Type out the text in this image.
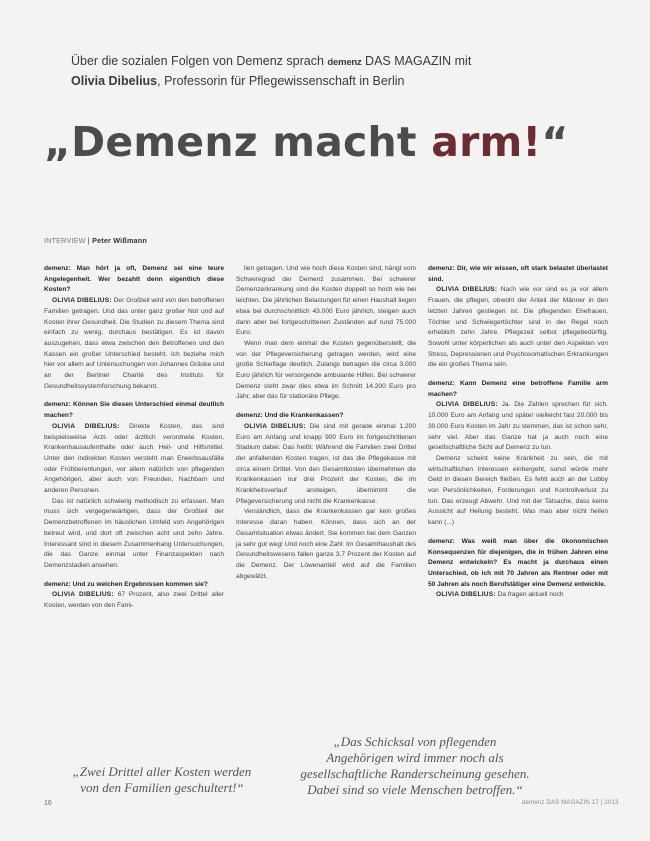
Über die sozialen Folgen von Demenz sprach demenz DAS MAGAZIN mit
Olivia Dibelius, Professorin für Pflegewissenschaft in Berlin
„Demenz macht arm!“
INTERVIEW | Peter Wißmann

demenz: Man hört ja oft, Demenz sei eine teure Angelegenheit. Wer bezahlt denn eigentlich diese Kosten?

OLIVIA DIBELIUS: Der Großteil wird von den betroffenen Familien getragen. Und das unter ganz großer Not und auf Kosten ihrer Gesundheit. Die Studien zu diesem Thema sind einfach zu wenig, durchaus bestätigen. Es ist davon auszugehen, dass etwa zwischen den Betroffenen und den Kassen ein großer Unterschied besteht. Ich beziehe mich hier vor allem auf Untersuchungen von Johannes Gräske und an der Berliner Charité des Instituts für Gesundheitssystemforschung bekannt.

demenz: Können Sie diesen Unterschied einmal deutlich machen?

OLIVIA DIBELIUS: Direkte Kosten, das sind beispielsweise Arzt- oder ärztlich verordnete Kosten, Krankenhausaufenthalte oder auch Heil- und Hilfsmittel. Unter den indirekten Kosten versteht man Erwerbsausfälle oder Frühberentungen, vor allem natürlich von pflegenden Angehörigen, aber auch von Freunden, Nachbarn und anderen Personen.

Das ist natürlich schwierig methodisch zu erfassen. Man muss sich vergegenwärtigen, dass der Großteil der Demenzbetroffenen im häuslichen Umfeld von Angehörigen betreut wird, und dort oft zwischen acht und zehn Jahre. Interessant sind in diesem Zusammenhang Untersuchungen, die das Ganze einmal unter Finanzaspekten nach Demenzstadien ansehen.

demenz: Und zu welchen Ergebnissen kommen sie?

OLIVIA DIBELIUS: 67 Prozent, also zwei Drittel aller Kosten, werden von den Fami-

lien getragen. Und wie hoch diese Kosten sind, hängt vom Schweregrad der Demenz zusammen. Bei schwerer Demenzerkrankung sind die Kosten doppelt so hoch wie bei leichten. Die jährlichen Belastungen für einen Haushalt liegen etwa bei durchschnittlich 43.000 Euro jährlich, steigen auch dann aber bei fortgeschrittenen Zuständen auf rund 75.000 Euro.

Wenn man dem einmal die Kosten gegenüberstellt, die von der Pflegeversicherung getragen werden, wird eine große Schieflage deutlich. Zulangs betragen die circa 3.000 Euro jährlich für versorgende ambulante Hilfen. Bei schwerer Demenz steht zwar dies etwa im Schnitt 14.200 Euro pro Jahr, aber das für stationäre Pflege.

demenz: Und die Krankenkassen?

OLIVIA DIBELIUS: Die sind mit gerade einmal 1.200 Euro am Anfang und knapp 900 Euro im fortgeschrittenen Stadium dabei. Das heißt: Während die Familien zwei Drittel der anfallenden Kosten tragen, ist das die Pflegekasse mit circa einem Drittel. Von den Gesamtkosten übernehmen die Krankenkassen nur drei Prozent der Kosten, die im Krankheitsverlauf ansteigen, übernimmt die Pflegeversicherung und nicht die Krankenkasse.

Verständlich, dass die Krankenkassen gar kein großes Interesse daran haben. Können, dass sich an der Gesamtsituation etwas ändert. Sie kommen bei dem Ganzen ja sehr gut weg! Und noch eine Zahl: Im Gesamthaushalt des Gesundheitswesens fallen ganze 3,7 Prozent der Kosten auf die Demenz. Der Löwenanteil wird auf die Familien abgewälzt.

demenz: Dir, wie wir wissen, oft stark belastet überlastet sind.

OLIVIA DIBELIUS: Nach wie vor sind es ja vor allem Frauen, die pflegen, obwohl der Anteil der Männer in den letzten Jahren gestiegen ist. Die pflegenden Ehefrauen, Töchter und Schwiegertöchter sind in der Regel noch erheblich zehn Jahre. Pflegezeit selbst pflegebedürftig. Sowohl unter körperlichen als auch unter den Aspekten von Stress, Depressionen und Psychosomatischen Erkrankungen die ein großes Thema sein.

demenz: Kann Demenz eine betroffene Familie arm machen?

OLIVIA DIBELIUS: Ja. Die Zahlen sprechen für sich. 10.000 Euro am Anfang und später vielleicht fast 20.000 bis 30.000 Euro Kosten im Jahr zu stemmen, das ist schon sehr, sehr viel. Aber das Ganze hat ja auch noch eine gesellschaftliche Sicht auf Demenz zu tun.

Demenz scheint keine Krankheit zu sein, die mit wirtschaftlichen Interessen einhergeht, sonst würde mehr Geld in diesen Bereich fließen. Es fehlt auch an der Lobby von Persönlichkeiten, Forderungen und Kontrollverlust zu tun. Das erzeugt Abwehr. Und mit der Tatsache, dass keine Aussicht auf Heilung besteht. Was man aber nicht heilen kann (...)

demenz: Was weiß man über die ökonomischen Konsequenzen für diejenigen, die in frühen Jahren eine Demenz entwickeln? Es macht ja durchaus einen Unterschied, ob ich mit 70 Jahren als Rentner oder mit 50 Jahren als noch Berufstätiger eine Demenz entwickle.

OLIVIA DIBELIUS: Da fragen aktuell noch

„Zwei Drittel aller Kosten werden von den Familien geschultert!“
„Das Schicksal von pflegenden Angehörigen wird immer noch als gesellschaftliche Randerscheinung gesehen. Dabei sind so viele Menschen betroffen.“
16	demenz DAS MAGAZIN 17 | 2013
